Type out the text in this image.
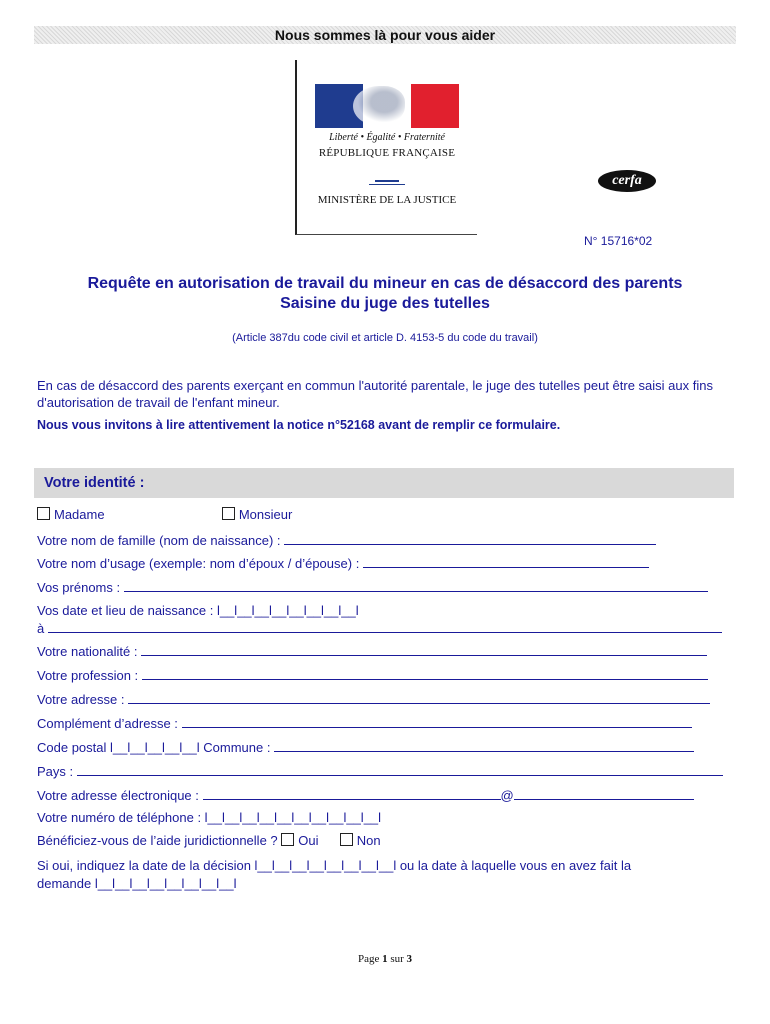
Nous sommes là pour vous aider
Liberté • Égalité • Fraternité
RÉPUBLIQUE FRANÇAISE
MINISTÈRE DE LA JUSTICE
cerfa
N° 15716*02
Requête en autorisation de travail du mineur en cas de désaccord des parents
Saisine du juge des tutelles
(Article 387du code civil et article D. 4153-5 du code du travail)
En cas de désaccord des parents exerçant en commun l'autorité parentale, le juge des tutelles peut être saisi aux fins d'autorisation de travail de l'enfant mineur.
Nous vous invitons à lire attentivement la notice n°52168 avant de remplir ce formulaire.
Votre identité :
Madame	Monsieur
Votre nom de famille (nom de naissance) :
Votre nom d’usage (exemple: nom d’époux / d’épouse) :
Vos prénoms :
Vos date et lieu de naissance : l__l__l__l__l__l__l__l__l
à
Votre nationalité :
Votre profession :
Votre adresse :
Complément d’adresse :
Code postal l__l__l__l__l__l Commune :
Pays :
Votre adresse électronique :	@
Votre numéro de téléphone : l__l__l__l__l__l__l__l__l__l__l
Bénéficiez-vous de l’aide juridictionnelle ? Oui	Non
Si oui, indiquez la date de la décision l__l__l__l__l__l__l__l__l ou la date à laquelle vous en avez fait la
demande l__l__l__l__l__l__l__l__l
Page 1 sur 3
